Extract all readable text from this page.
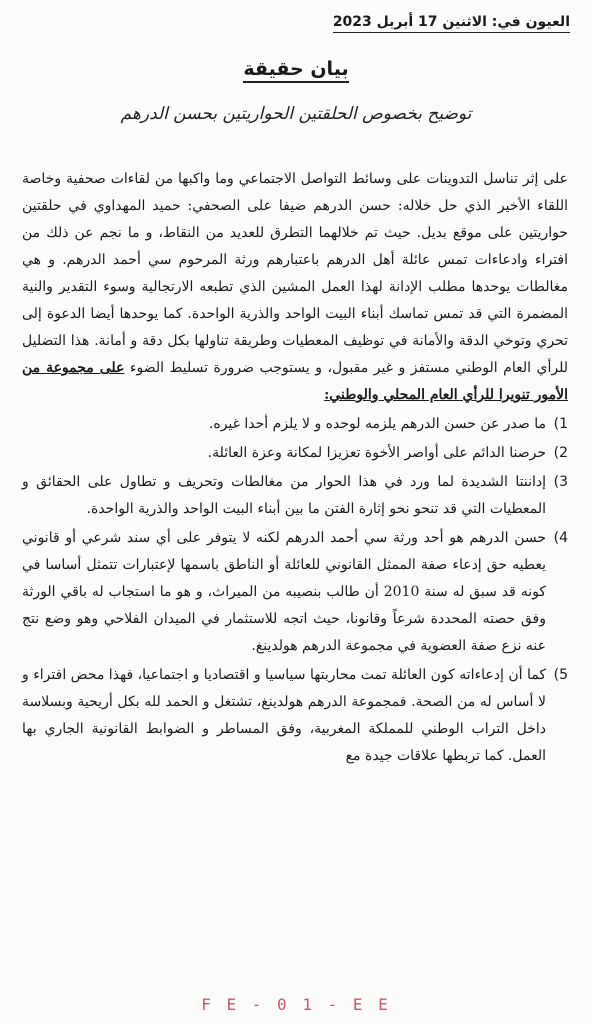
العيون في: الاثنين 17 أبريل 2023
بيان حقيقة
توضيح بخصوص الحلقتين الحواريتين بحسن الدرهم

على إثر تناسل التدوينات على وسائط التواصل الاجتماعي وما واكبها من لقاءات صحفية وخاصة اللقاء الأخير الذي حل خلاله: حسن الدرهم ضيفا على الصحفي: حميد المهداوي في حلقتين حواريتين على موقع بديل. حيث تم خلالهما التطرق للعديد من النقاط، و ما نجم عن ذلك من افتراء وادعاءات تمس عائلة أهل الدرهم باعتبارهم ورثة المرحوم سي أحمد الدرهم. و هي مغالطات يوحدها مطلب الإدانة لهذا العمل المشين الذي تطبعه الارتجالية وسوء التقدير والنية المضمرة التي قد تمس تماسك أبناء البيت الواحد والذرية الواحدة. كما يوحدها أيضا الدعوة إلى تحري وتوخي الدقة والأمانة في توظيف المعطيات وطريقة تناولها بكل دقة و أمانة. هذا التضليل للرأي العام الوطني مستفز و غير مقبول، و يستوجب ضرورة تسليط الضوء على مجموعة من الأمور تنويرا للرأي العام المحلي والوطني:

1)
ما صدر عن حسن الدرهم يلزمه لوحده و لا يلزم أحدا غيره.
2)
حرصنا الدائم على أواصر الأخوة تعزيزا لمكانة وعزة العائلة.
3)
إداننتا الشديدة لما ورد في هذا الحوار من مغالطات وتحريف و تطاول على الحقائق و المعطيات التي قد تنحو نحو إثارة الفتن ما بين أبناء البيت الواحد والذرية الواحدة.
4)
حسن الدرهم هو أحد ورثة سي أحمد الدرهم لكنه لا يتوفر على أي سند شرعي أو قانوني يعطيه حق إدعاء صفة الممثل القانوني للعائلة أو الناطق باسمها لإعتبارات تتمثل أساسا في كونه قد سبق له سنة 2010 أن طالب بنصيبه من الميراث، و هو ما استجاب له باقي الورثة وفق حصته المحددة شرعاً وقانونا، حيث اتجه للاستثمار في الميدان الفلاحي وهو وضع نتج عنه نزع صفة العضوية في مجموعة الدرهم هولدينغ.
5)
كما أن إدعاءاته كون العائلة تمت محاربتها سياسيا و اقتصاديا و اجتماعيا، فهذا محض افتراء و لا أساس له من الصحة. فمجموعة الدرهم هولدينغ، تشتغل و الحمد لله بكل أريحية وبسلاسة داخل التراب الوطني للمملكة المغربية، وفق المساطر و الضوابط القانونية الجاري بها العمل. كما تربطها علاقات جيدة مع
F E - 0 1 - E E
